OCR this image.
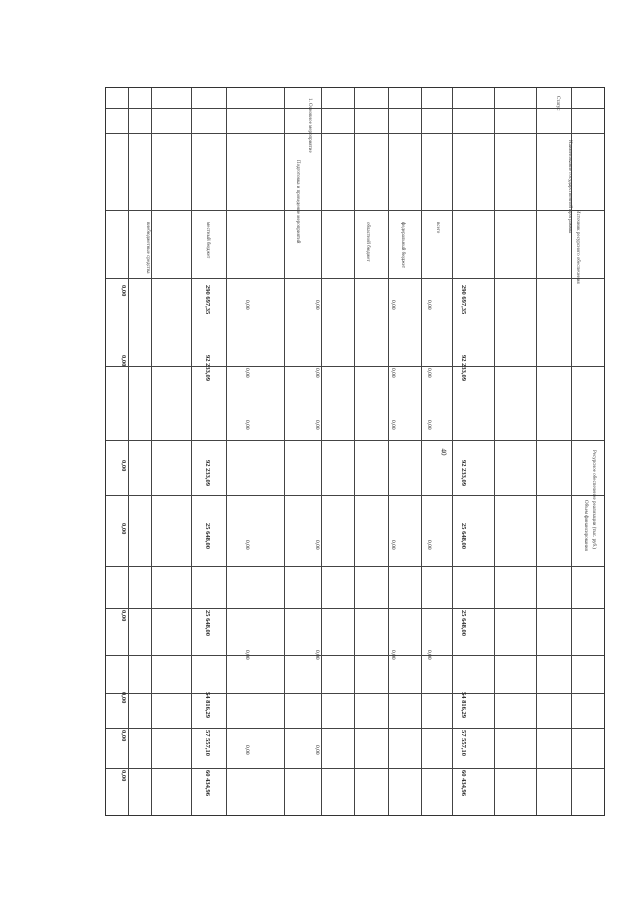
40
Статус
Наименование государственной программы
Источник ресурсного обеспечения
Ресурсное обеспечение реализации (тыс. руб.)
Объем финансирования
1. Основное мероприятие
Подготовка и проведение мероприятий	всего
федеральный бюджет
областной бюджет
местный бюджет
внебюджетные средства
290 697,35
92 233,09
92 233,09
25 648,00
25 648,00
54 816,29
57 557,10
60 434,96
290 697,35
92 233,09
92 233,09
25 648,00
25 648,00
54 816,29
57 557,10
60 434,96
0,00
0,00
0,00
0,00
0,00
0,00
0,00
0,00
0,00
0,00
0,00
0,00
0,00
0,00
0,00
0,00
0,00
0,00
0,00
0,00
0,00
0,00
0,00
0,00
0,00
0,00
0,00
0,00
0,00
0,00
